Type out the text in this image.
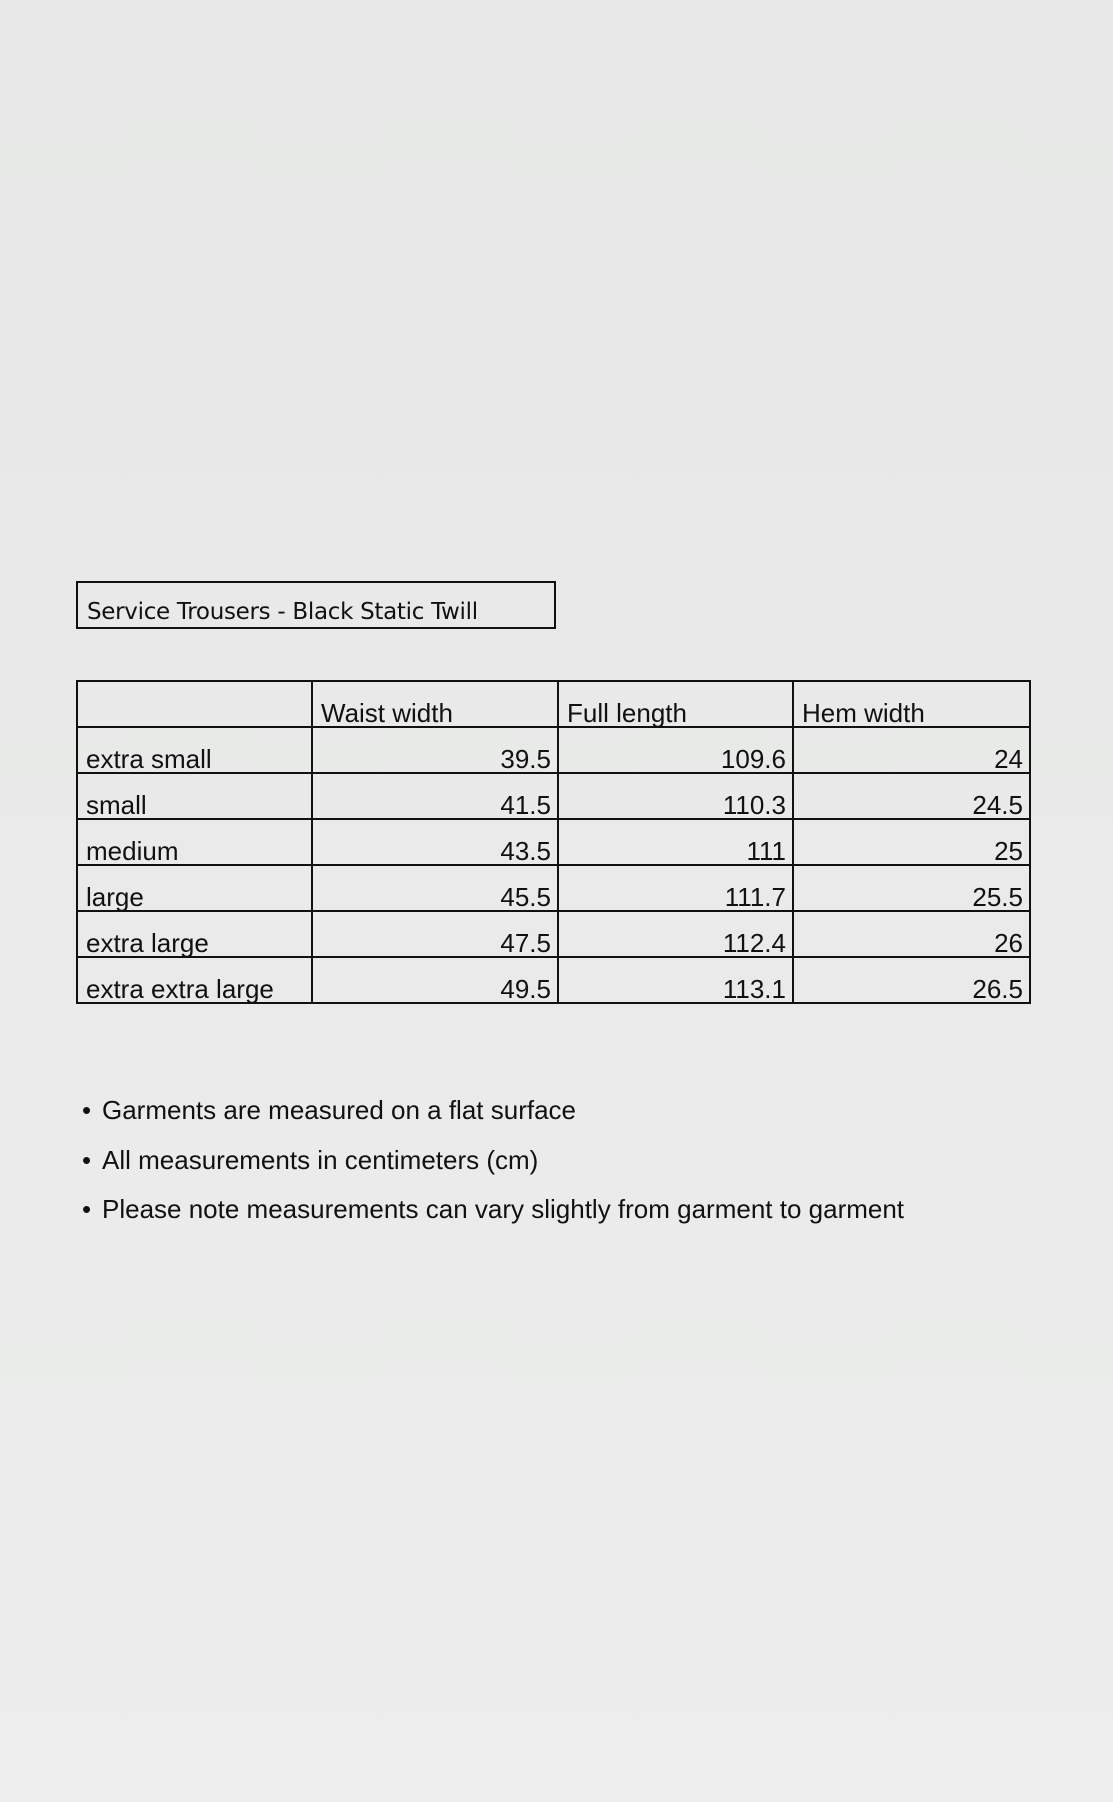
Service Trousers - Black Static Twill
	Waist width	Full length	Hem width
extra small	39.5	109.6	24
small	41.5	110.3	24.5
medium	43.5	111	25
large	45.5	111.7	25.5
extra large	47.5	112.4	26
extra extra large	49.5	113.1	26.5
• Garments are measured on a flat surface
• All measurements in centimeters (cm)
• Please note measurements can vary slightly from garment to garment
